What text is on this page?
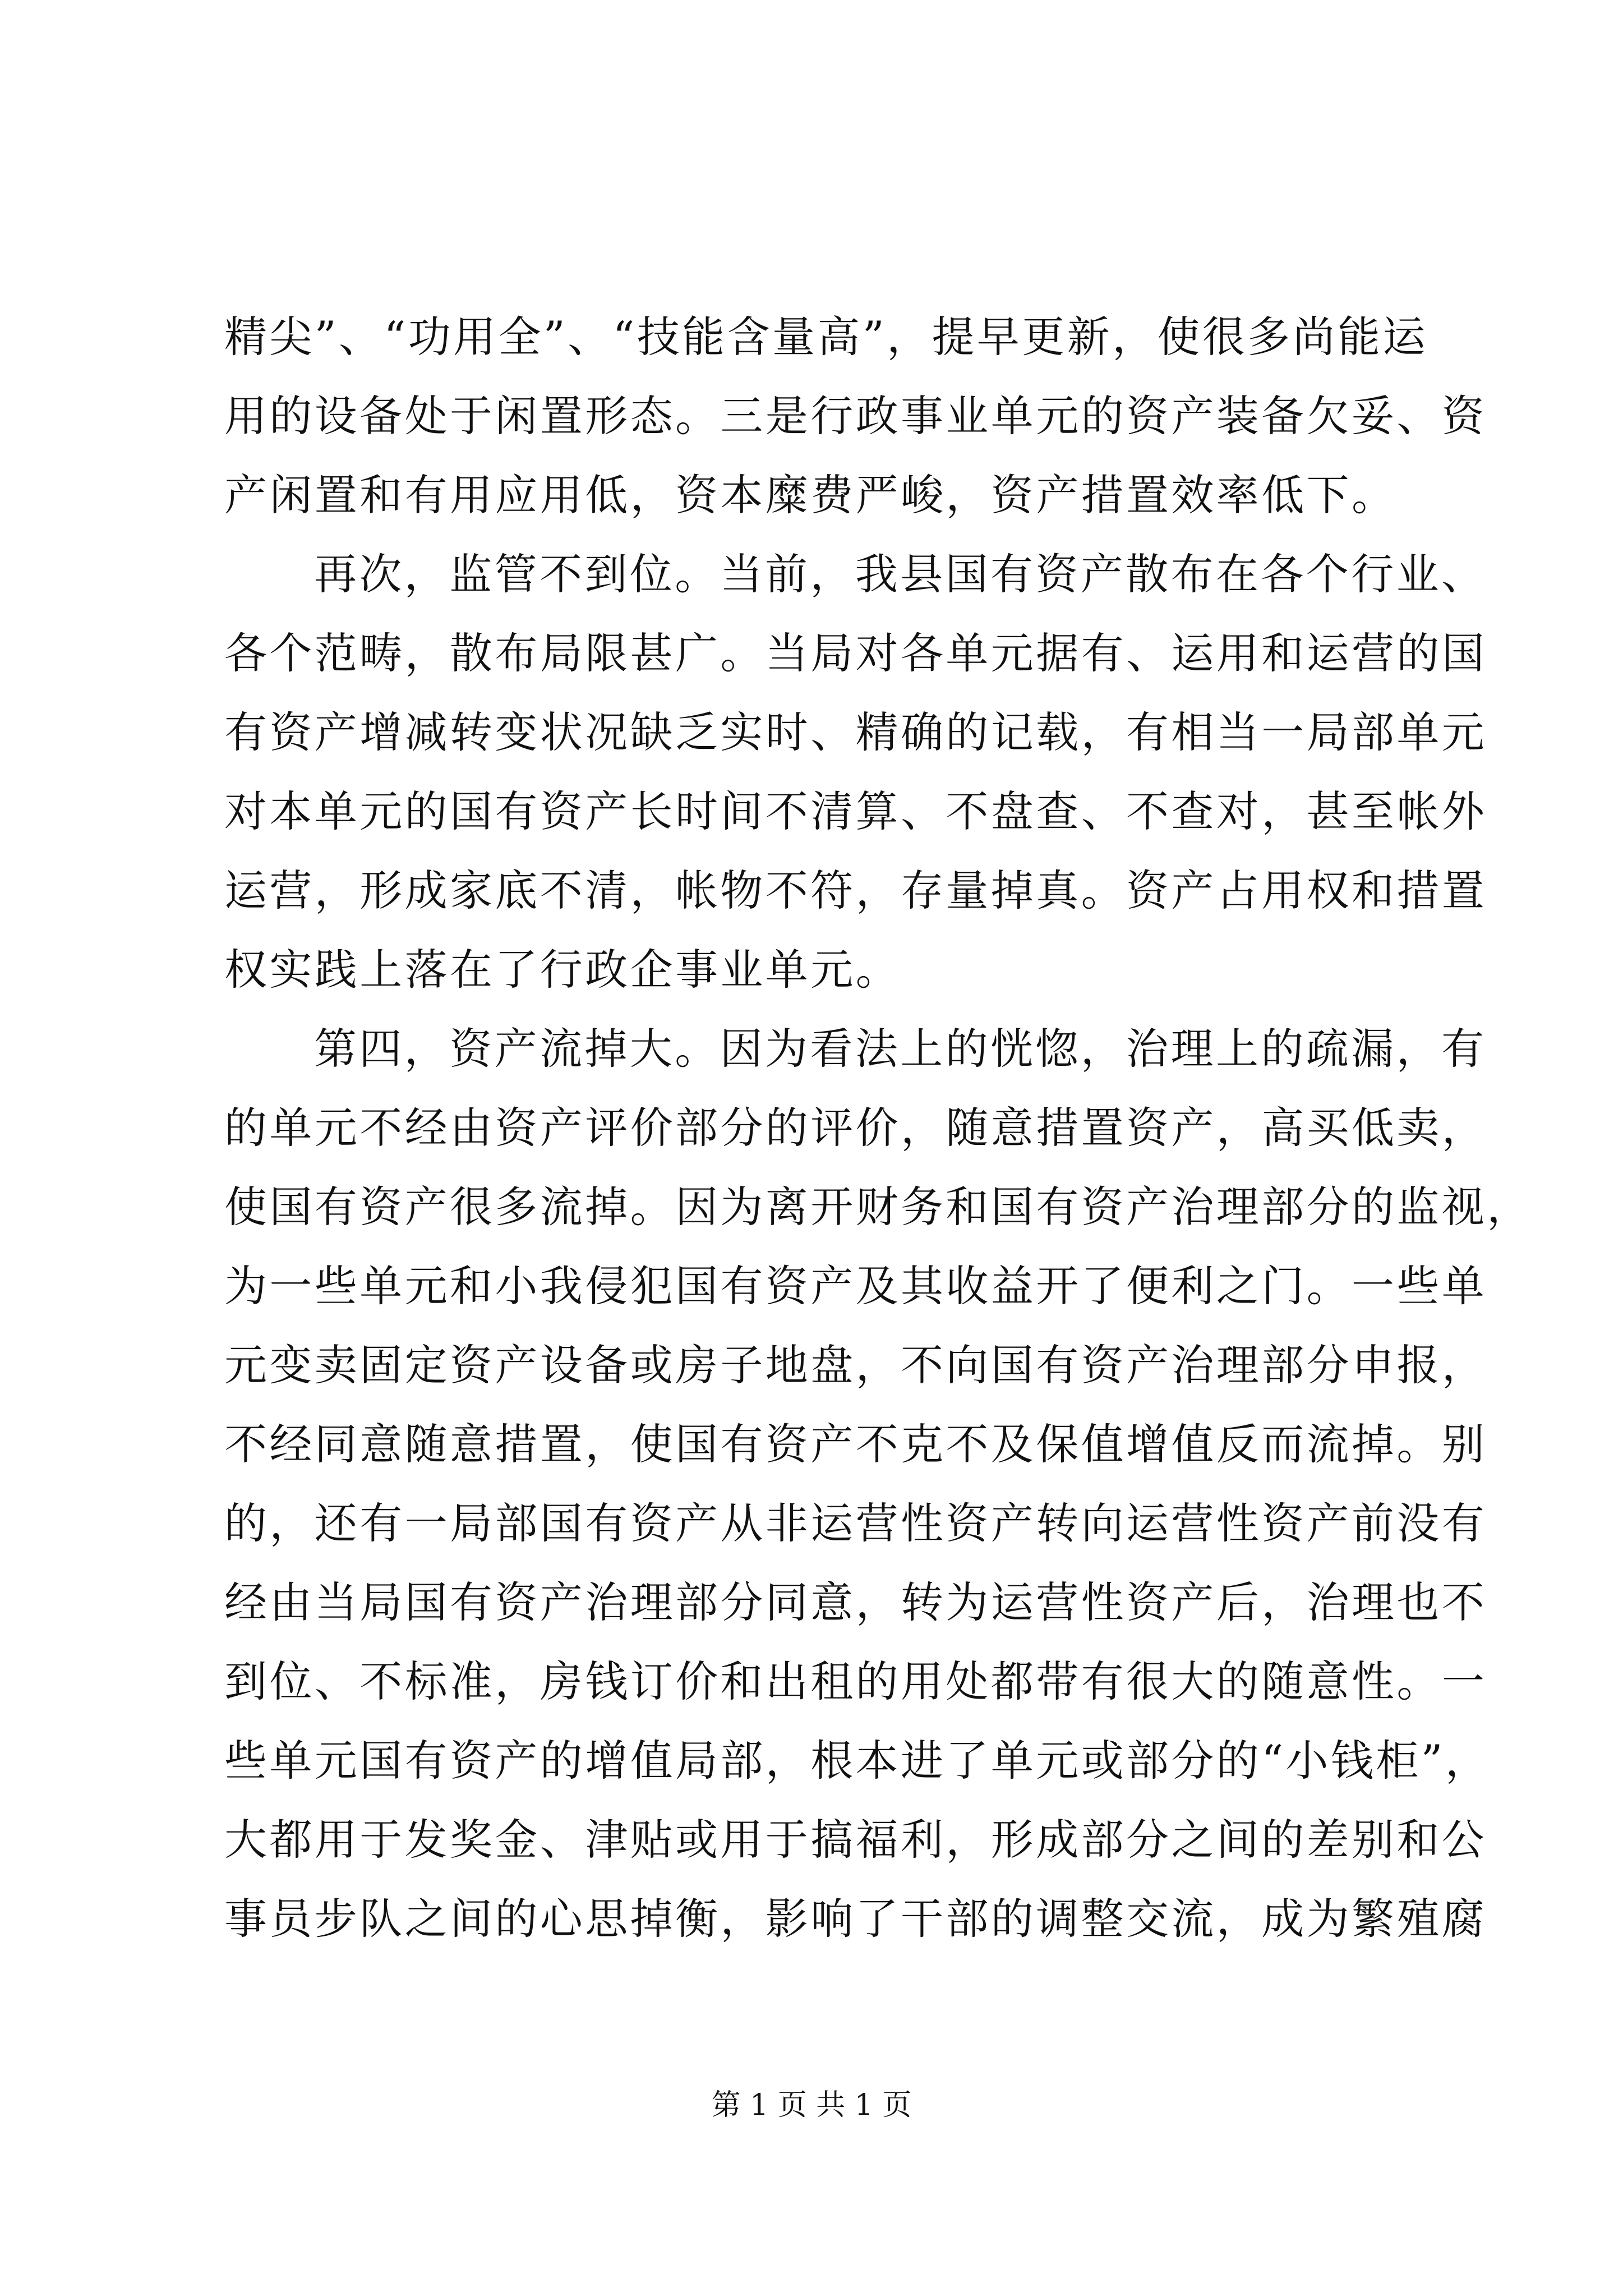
精尖”、“功用全”、“技能含量高”，提早更新，使很多尚能运
用的设备处于闲置形态。三是行政事业单元的资产装备欠妥、资
产闲置和有用应用低，资本糜费严峻，资产措置效率低下。
再次，监管不到位。当前，我县国有资产散布在各个行业、
各个范畴，散布局限甚广。当局对各单元据有、运用和运营的国
有资产增减转变状况缺乏实时、精确的记载，有相当一局部单元
对本单元的国有资产长时间不清算、不盘查、不查对，甚至帐外
运营，形成家底不清，帐物不符，存量掉真。资产占用权和措置
权实践上落在了行政企事业单元。
第四，资产流掉大。因为看法上的恍惚，治理上的疏漏，有
的单元不经由资产评价部分的评价，随意措置资产，高买低卖，
使国有资产很多流掉。因为离开财务和国有资产治理部分的监视，
为一些单元和小我侵犯国有资产及其收益开了便利之门。一些单
元变卖固定资产设备或房子地盘，不向国有资产治理部分申报，
不经同意随意措置，使国有资产不克不及保值增值反而流掉。别
的，还有一局部国有资产从非运营性资产转向运营性资产前没有
经由当局国有资产治理部分同意，转为运营性资产后，治理也不
到位、不标准，房钱订价和出租的用处都带有很大的随意性。一
些单元国有资产的增值局部，根本进了单元或部分的“小钱柜”，
大都用于发奖金、津贴或用于搞福利，形成部分之间的差别和公
事员步队之间的心思掉衡，影响了干部的调整交流，成为繁殖腐
第 1 页 共 1 页
